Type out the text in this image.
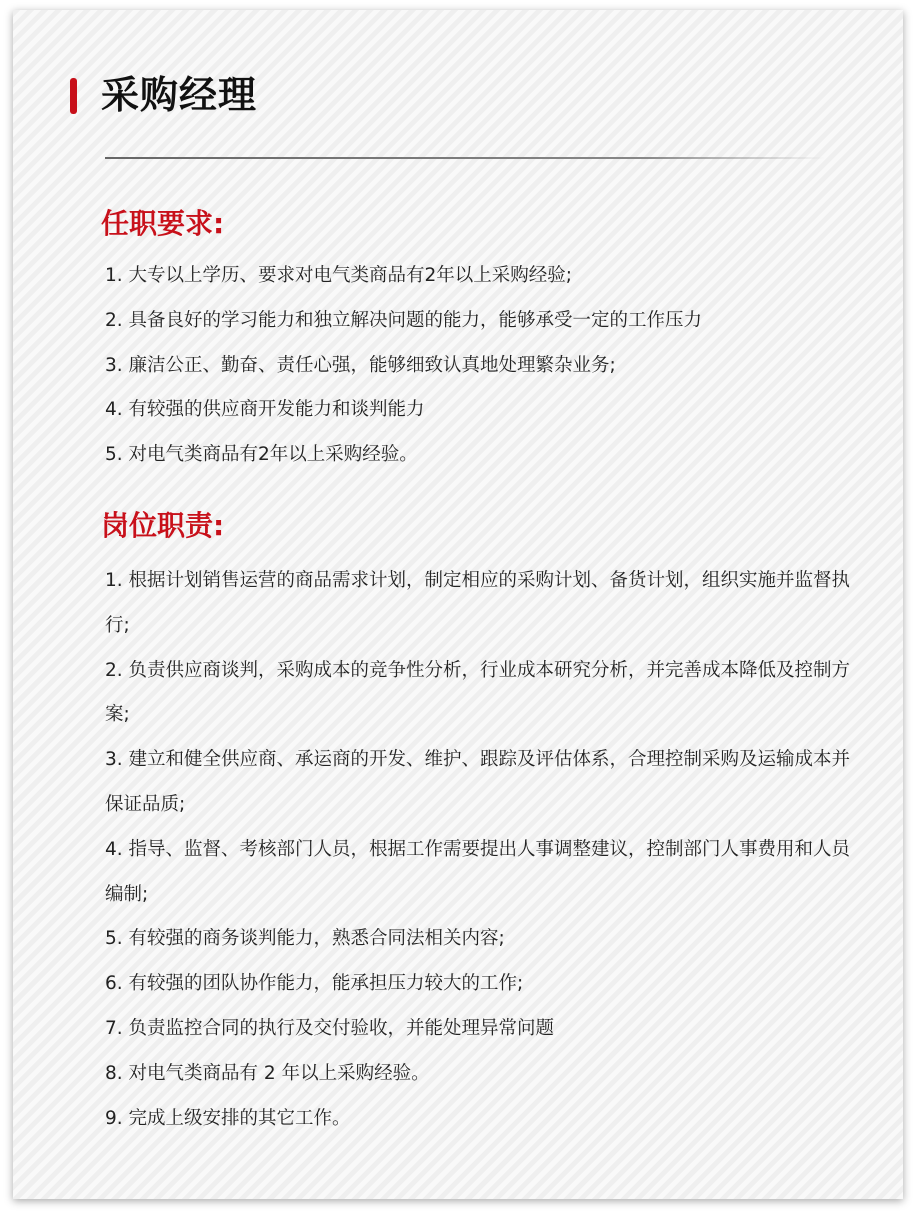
采购经理
任职要求:
1. 大专以上学历、要求对电气类商品有2年以上采购经验;
2. 具备良好的学习能力和独立解决问题的能力，能够承受一定的工作压力
3. 廉洁公正、勤奋、责任心强，能够细致认真地处理繁杂业务;
4. 有较强的供应商开发能力和谈判能力
5. 对电气类商品有2年以上采购经验。
岗位职责:
1. 根据计划销售运营的商品需求计划，制定相应的采购计划、备货计划，组织实施并监督执行;
2. 负责供应商谈判，采购成本的竞争性分析，行业成本研究分析，并完善成本降低及控制方案;
3. 建立和健全供应商、承运商的开发、维护、跟踪及评估体系，合理控制采购及运输成本并保证品质;
4. 指导、监督、考核部门人员，根据工作需要提出人事调整建议，控制部门人事费用和人员编制;
5. 有较强的商务谈判能力，熟悉合同法相关内容;
6. 有较强的团队协作能力，能承担压力较大的工作;
7. 负责监控合同的执行及交付验收，并能处理异常问题
8. 对电气类商品有 2 年以上采购经验。
9. 完成上级安排的其它工作。
